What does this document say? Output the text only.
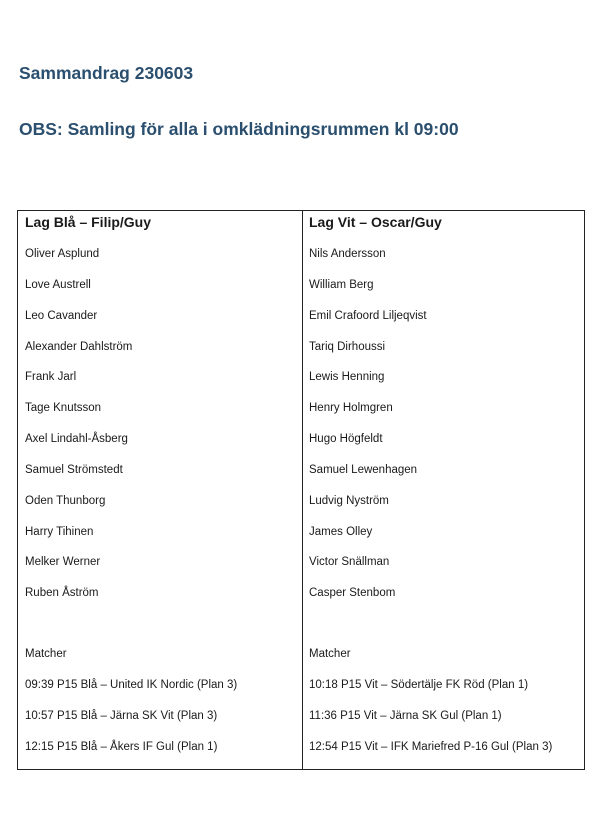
Sammandrag 230603
OBS: Samling för alla i omklädningsrummen kl 09:00
Lag Blå – Filip/Guy
Oliver Asplund
Love Austrell
Leo Cavander
Alexander Dahlström
Frank Jarl
Tage Knutsson
Axel Lindahl-Åsberg
Samuel Strömstedt
Oden Thunborg
Harry Tihinen
Melker Werner
Ruben Åström
Matcher
09:39 P15 Blå – United IK Nordic (Plan 3)
10:57 P15 Blå – Järna SK Vit (Plan 3)
12:15 P15 Blå – Åkers IF Gul (Plan 1)
Lag Vit – Oscar/Guy
Nils Andersson
William Berg
Emil Crafoord Liljeqvist
Tariq Dirhoussi
Lewis Henning
Henry Holmgren
Hugo Högfeldt
Samuel Lewenhagen
Ludvig Nyström
James Olley
Victor Snällman
Casper Stenbom
Matcher
10:18 P15 Vit – Södertälje FK Röd (Plan 1)
11:36 P15 Vit – Järna SK Gul (Plan 1)
12:54 P15 Vit – IFK Mariefred P-16 Gul (Plan 3)
